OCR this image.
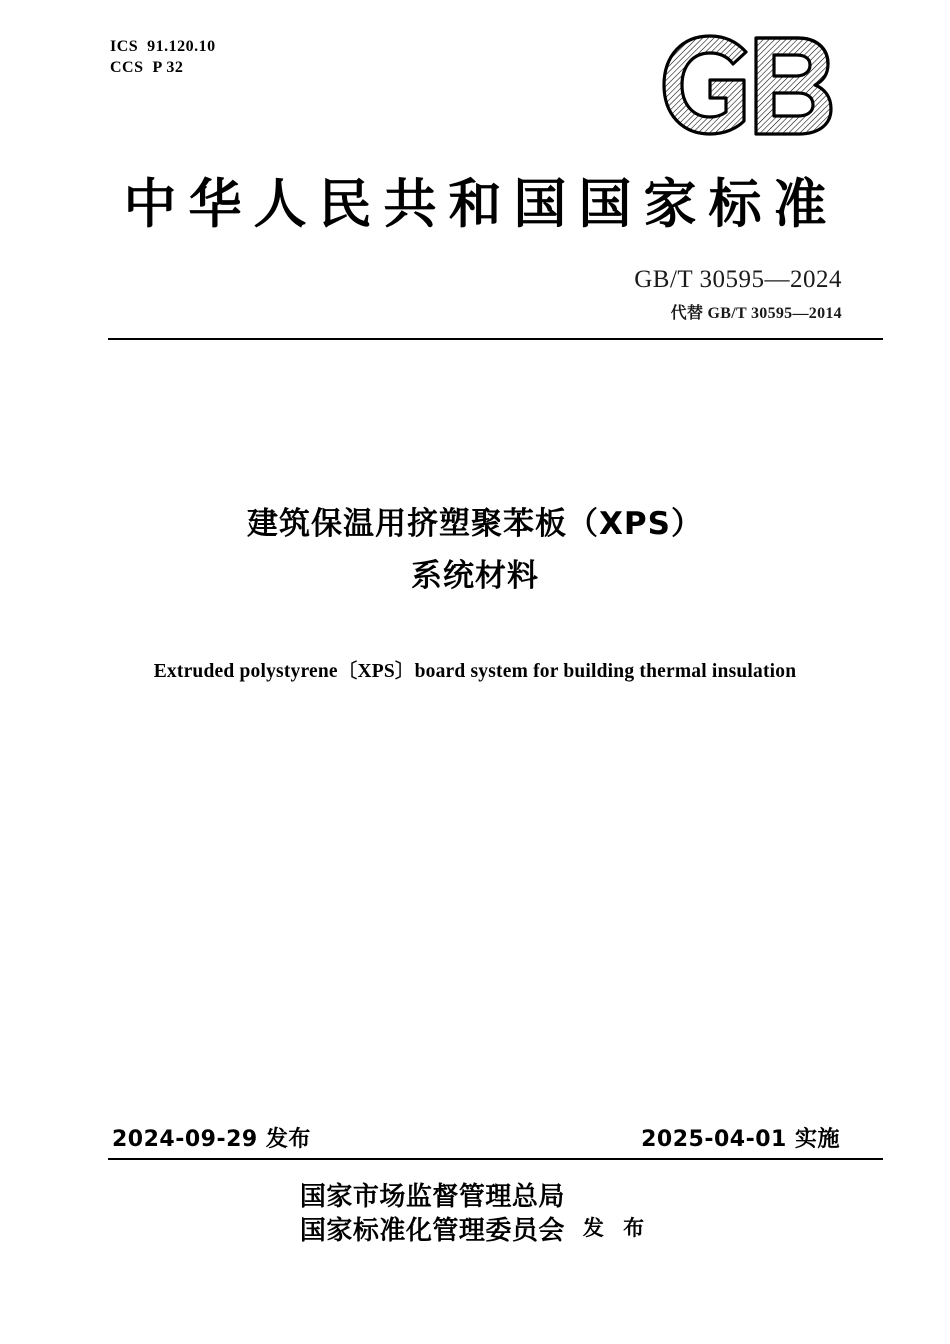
ICS  91.120.10
CCS  P 32
中华人民共和国国家标准
GB/T 30595—2024
代替 GB/T 30595—2014
建筑保温用挤塑聚苯板（XPS）
系统材料
Extruded polystyrene〔XPS〕board system for building thermal insulation
2024-09-29 发布	2025-04-01 实施
国家市场监督管理总局
国家标准化管理委员会 发 布
